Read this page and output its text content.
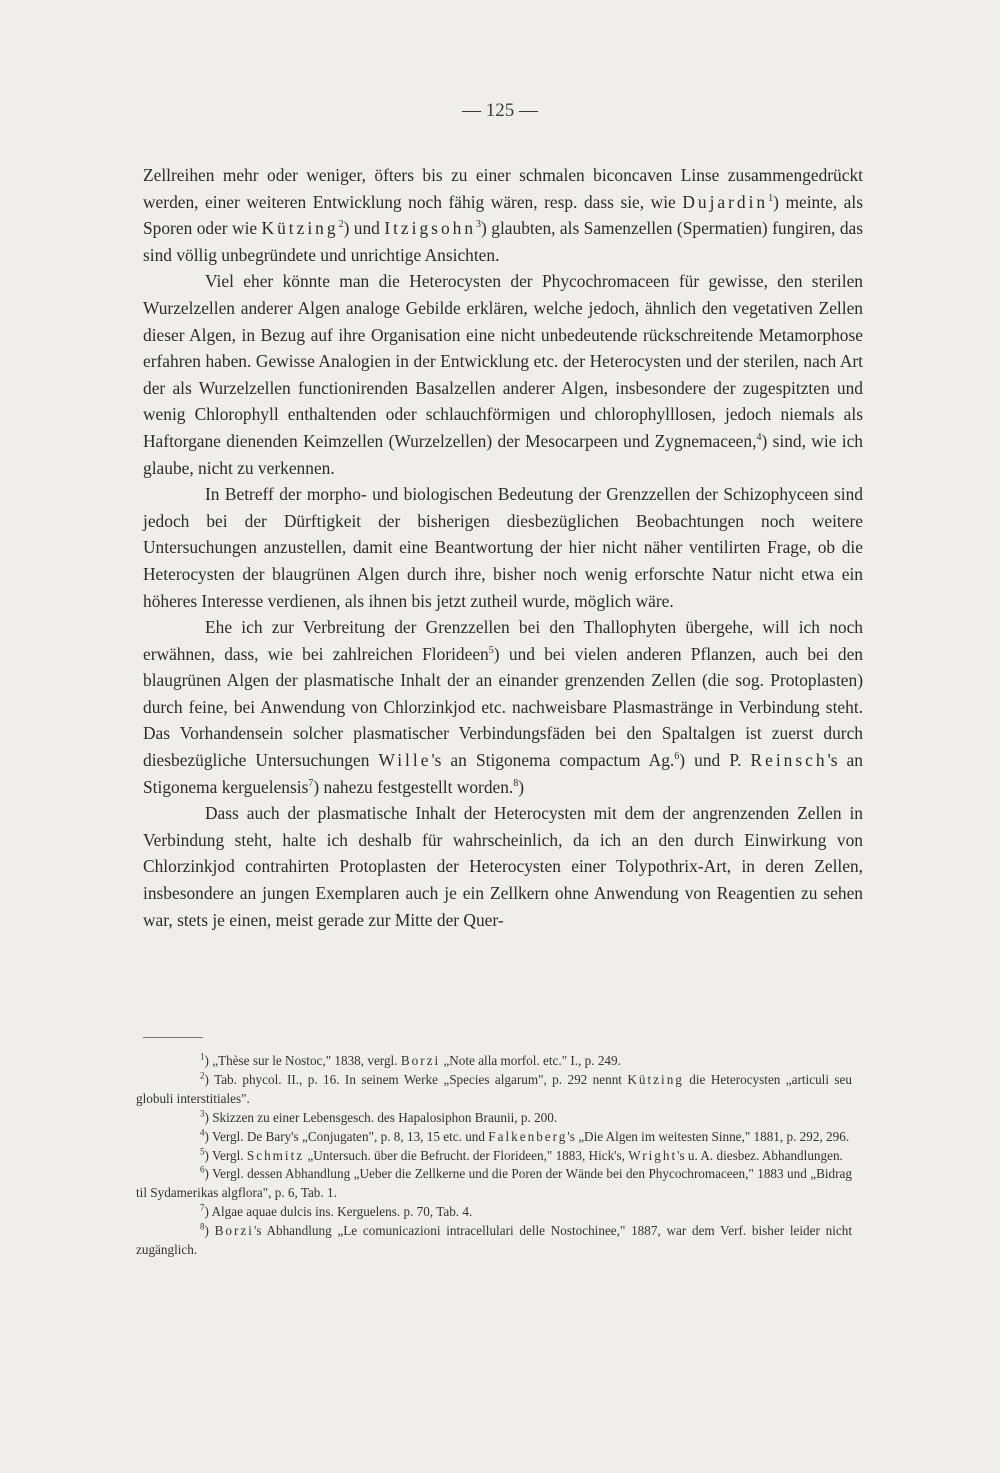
— 125 —

Zellreihen mehr oder weniger, öfters bis zu einer schmalen biconcaven Linse zusammengedrückt werden, einer weiteren Entwicklung noch fähig wären, resp. dass sie, wie Dujardin$^1$) meinte, als Sporen oder wie Kützing$^2$) und Itzigsohn$^3$) glaubten, als Samenzellen (Spermatien) fungiren, das sind völlig unbegründete und unrichtige Ansichten.

Viel eher könnte man die Heterocysten der Phycochromaceen für gewisse, den sterilen Wurzelzellen anderer Algen analoge Gebilde erklären, welche jedoch, ähnlich den vegetativen Zellen dieser Algen, in Bezug auf ihre Organisation eine nicht unbedeutende rückschreitende Metamorphose erfahren haben. Gewisse Analogien in der Entwicklung etc. der Heterocysten und der sterilen, nach Art der als Wurzelzellen functionirenden Basalzellen anderer Algen, insbesondere der zugespitzten und wenig Chlorophyll enthaltenden oder schlauchförmigen und chlorophylllosen, jedoch niemals als Haftorgane dienenden Keimzellen (Wurzelzellen) der Mesocarpeen und Zygnemaceen,$^4$) sind, wie ich glaube, nicht zu verkennen.

In Betreff der morpho- und biologischen Bedeutung der Grenzzellen der Schizophyceen sind jedoch bei der Dürftigkeit der bisherigen diesbezüglichen Beobachtungen noch weitere Untersuchungen anzustellen, damit eine Beantwortung der hier nicht näher ventilirten Frage, ob die Heterocysten der blaugrünen Algen durch ihre, bisher noch wenig erforschte Natur nicht etwa ein höheres Interesse verdienen, als ihnen bis jetzt zutheil wurde, möglich wäre.

Ehe ich zur Verbreitung der Grenzzellen bei den Thallophyten übergehe, will ich noch erwähnen, dass, wie bei zahlreichen Florideen$^5$) und bei vielen anderen Pflanzen, auch bei den blaugrünen Algen der plasmatische Inhalt der an einander grenzenden Zellen (die sog. Protoplasten) durch feine, bei Anwendung von Chlorzinkjod etc. nachweisbare Plasmastränge in Verbindung steht. Das Vorhandensein solcher plasmatischer Verbindungsfäden bei den Spaltalgen ist zuerst durch diesbezügliche Untersuchungen Wille's an Stigonema compactum Ag.$^6$) und P. Reinsch's an Stigonema kerguelensis$^7$) nahezu festgestellt worden.$^8$)

Dass auch der plasmatische Inhalt der Heterocysten mit dem der angrenzenden Zellen in Verbindung steht, halte ich deshalb für wahrscheinlich, da ich an den durch Einwirkung von Chlorzinkjod contrahirten Protoplasten der Heterocysten einer Tolypothrix-Art, in deren Zellen, insbesondere an jungen Exemplaren auch je ein Zellkern ohne Anwendung von Reagentien zu sehen war, stets je einen, meist gerade zur Mitte der Quer-

$^1$) „Thèse sur le Nostoc," 1838, vergl. Borzi „Note alla morfol. etc." I., p. 249.

$^2$) Tab. phycol. II., p. 16. In seinem Werke „Species algarum", p. 292 nennt Kützing die Heterocysten „articuli seu globuli interstitiales".

$^3$) Skizzen zu einer Lebensgesch. des Hapalosiphon Braunii, p. 200.

$^4$) Vergl. De Bary's „Conjugaten", p. 8, 13, 15 etc. und Falkenberg's „Die Algen im weitesten Sinne," 1881, p. 292, 296.

$^5$) Vergl. Schmitz „Untersuch. über die Befrucht. der Florideen," 1883, Hick's, Wright's u. A. diesbez. Abhandlungen.

$^6$) Vergl. dessen Abhandlung „Ueber die Zellkerne und die Poren der Wände bei den Phycochromaceen," 1883 und „Bidrag til Sydamerikas algflora", p. 6, Tab. 1.

$^7$) Algae aquae dulcis ins. Kerguelens. p. 70, Tab. 4.

$^8$) Borzi's Abhandlung „Le comunicazioni intracellulari delle Nostochinee," 1887, war dem Verf. bisher leider nicht zugänglich.
